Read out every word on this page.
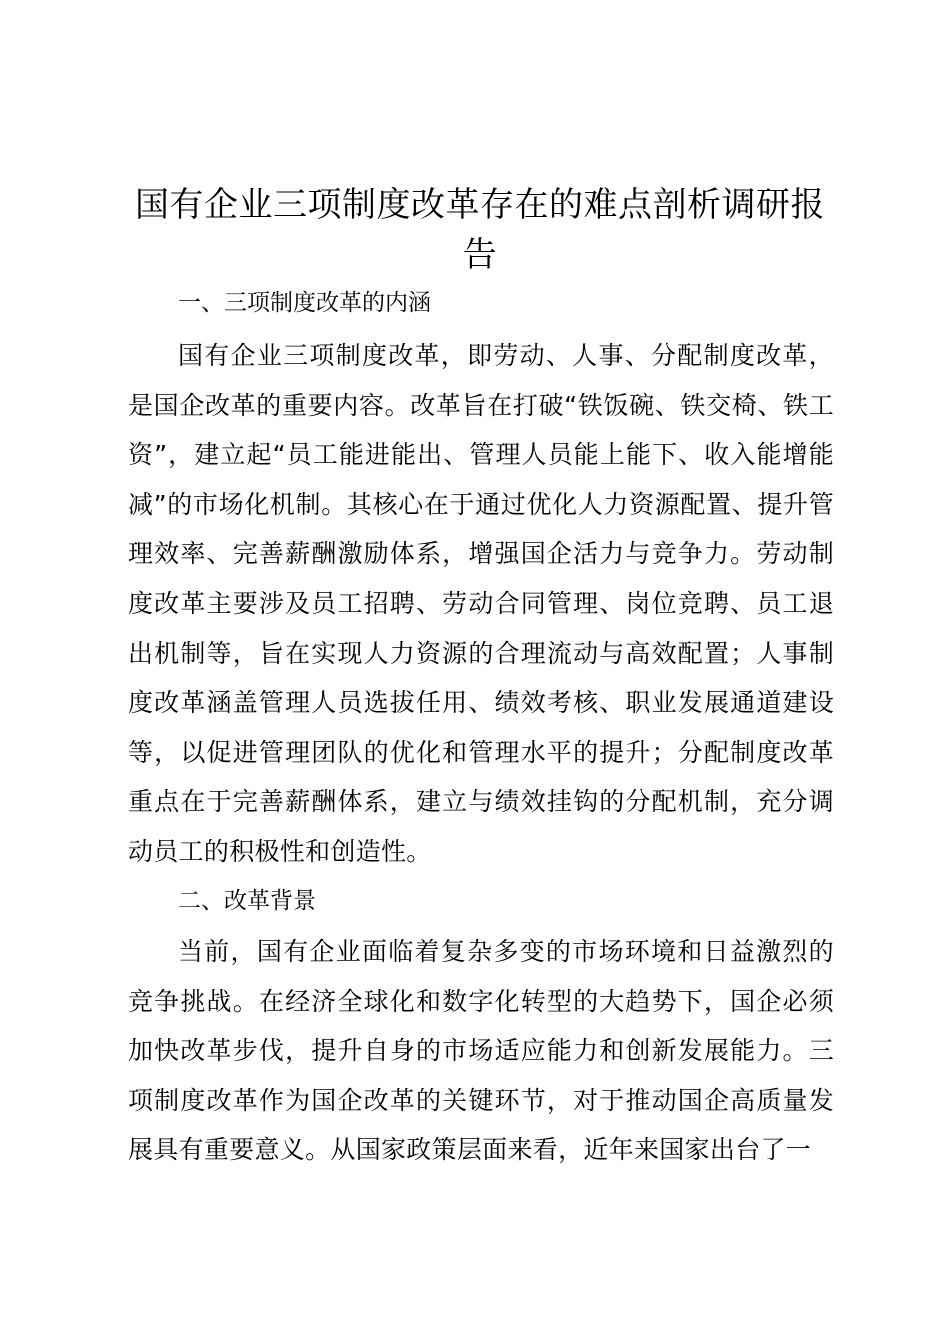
国有企业三项制度改革存在的难点剖析调研报告
一、三项制度改革的内涵

国有企业三项制度改革，即劳动、人事、分配制度改革，是国企改革的重要内容。改革旨在打破“铁饭碗、铁交椅、铁工资”，建立起“员工能进能出、管理人员能上能下、收入能增能减”的市场化机制。其核心在于通过优化人力资源配置、提升管理效率、完善薪酬激励体系，增强国企活力与竞争力。劳动制度改革主要涉及员工招聘、劳动合同管理、岗位竞聘、员工退出机制等，旨在实现人力资源的合理流动与高效配置；人事制度改革涵盖管理人员选拔任用、绩效考核、职业发展通道建设等，以促进管理团队的优化和管理水平的提升；分配制度改革重点在于完善薪酬体系，建立与绩效挂钩的分配机制，充分调动员工的积极性和创造性。

二、改革背景

当前，国有企业面临着复杂多变的市场环境和日益激烈的竞争挑战。在经济全球化和数字化转型的大趋势下，国企必须加快改革步伐，提升自身的市场适应能力和创新发展能力。三项制度改革作为国企改革的关键环节，对于推动国企高质量发展具有重要意义。从国家政策层面来看，近年来国家出台了一
